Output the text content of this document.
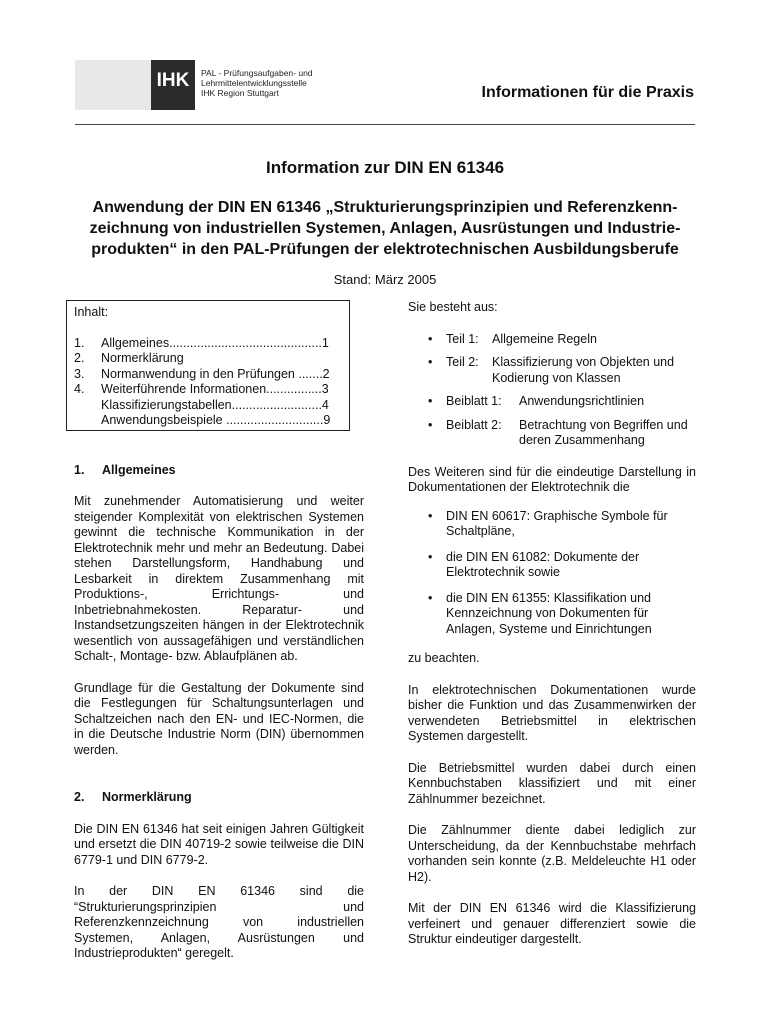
IHK	PAL - Prüfungsaufgaben- und
Lehrmittelentwicklungsstelle
IHK Region Stuttgart	Informationen für die Praxis
Information zur DIN EN 61346
Anwendung der DIN EN 61346 „Strukturierungsprinzipien und Referenzkenn-
zeichnung von industriellen Systemen, Anlagen, Ausrüstungen und Industrie-
produkten“ in den PAL-Prüfungen der elektrotechnischen Ausbildungsberufe
Stand: März 2005
Inhalt:
1.	Allgemeines............................................1
2.	Normerklärung
3.	Normanwendung in den Prüfungen .......2
4.	Weiterführende Informationen................3
Klassifizierungstabellen..........................4
Anwendungsbeispiele ............................9
1.	Allgemeines

Mit zunehmender Automatisierung und weiter steigender Komplexität von elektrischen Systemen gewinnt die technische Kommunikation in der Elektrotechnik mehr und mehr an Bedeutung. Dabei stehen Darstellungsform, Handhabung und Lesbarkeit in direktem Zusammenhang mit Produktions-, Errichtungs- und Inbetriebnahmekosten. Reparatur- und Instandsetzungszeiten hängen in der Elektrotechnik wesentlich von aussagefähigen und verständlichen Schalt-, Montage- bzw. Ablaufplänen ab.

Grundlage für die Gestaltung der Dokumente sind die Festlegungen für Schaltungsunterlagen und Schaltzeichen nach den EN- und IEC-Normen, die in die Deutsche Industrie Norm (DIN) übernommen werden.

2.	Normerklärung

Die DIN EN 61346 hat seit einigen Jahren Gültigkeit und ersetzt die DIN 40719-2 sowie teilweise die DIN 6779-1 und DIN 6779-2.

In der DIN EN 61346 sind die “Strukturierungsprinzipien und Referenzkennzeichnung von industriellen Systemen, Anlagen, Ausrüstungen und Industrieprodukten“ geregelt.

Sie besteht aus:

• Teil 1:	Allgemeine Regeln
• Teil 2:	Klassifizierung von Objekten und Kodierung von Klassen
• Beiblatt 1:	Anwendungsrichtlinien
• Beiblatt 2:	Betrachtung von Begriffen und deren Zusammenhang

Des Weiteren sind für die eindeutige Darstellung in Dokumentationen der Elektrotechnik die

• DIN EN 60617: Graphische Symbole für Schaltpläne,
• die DIN EN 61082: Dokumente der Elektrotechnik sowie
• die DIN EN 61355: Klassifikation und Kennzeichnung von Dokumenten für Anlagen, Systeme und Einrichtungen

zu beachten.

In elektrotechnischen Dokumentationen wurde bisher die Funktion und das Zusammenwirken der verwendeten Betriebsmittel in elektrischen Systemen dargestellt.

Die Betriebsmittel wurden dabei durch einen Kennbuchstaben klassifiziert und mit einer Zählnummer bezeichnet.

Die Zählnummer diente dabei lediglich zur Unterscheidung, da der Kennbuchstabe mehrfach vorhanden sein konnte (z.B. Meldeleuchte H1 oder H2).

Mit der DIN EN 61346 wird die Klassifizierung verfeinert und genauer differenziert sowie die Struktur eindeutiger dargestellt.
